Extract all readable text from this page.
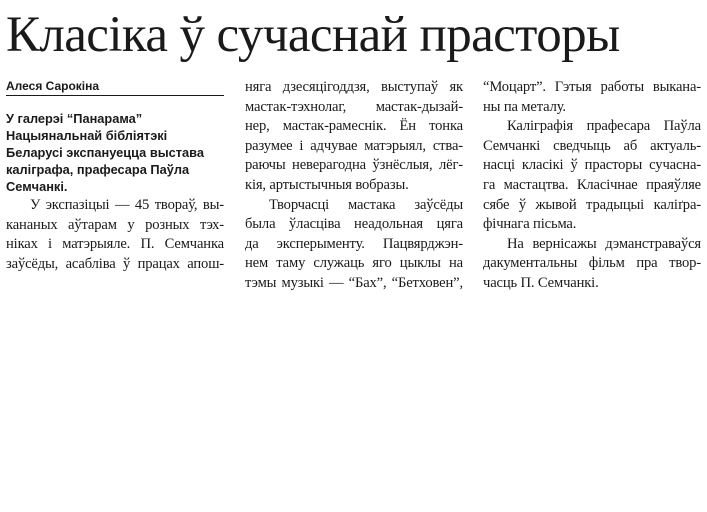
Класіка ў сучаснай прасторы
Алеся Сарокіна
У галерэі “Панарама” Нацыянальнай бібліятэкі Беларусі экспануецца выстава каліграфа, прафесара Паўла Семчанкі.
У экспазіцыі — 45 твораў, вы-
кананых аўтарам у розных тэх-
ніках і матэрыяле. П. Семчанка
заўсёды, асабліва ў працах апош-
няга дзесяцігоддзя, выступаў як
мастак-тэхнолаг, мастак-дызай-
нер, мастак-рамеснік. Ён тонка
разумее і адчувае матэрыял, ства-
раючы неверагодна ўзнёслыя, лёг-
кія, артыстычныя вобразы.
Творчасці мастака заўсёды
была ўласціва неадольная цяга
да эксперыменту. Пацвярджэн-
нем таму служаць яго цыклы на
тэмы музыкі — “Бах”, “Бетховен”,
“Моцарт”. Гэтыя работы выкана-
ны па металу.
Каліграфія прафесара Паўла
Семчанкі сведчыць аб актуаль-
насці класікі ў прасторы сучасна-
га мастацтва. Класічнае праяўляе
сябе ў жывой традыцыі каліґра-
фічнага пісьма.
На вернісажы дэманстраваўся
дакументальны фільм пра твор-
часць П. Семчанкі.
